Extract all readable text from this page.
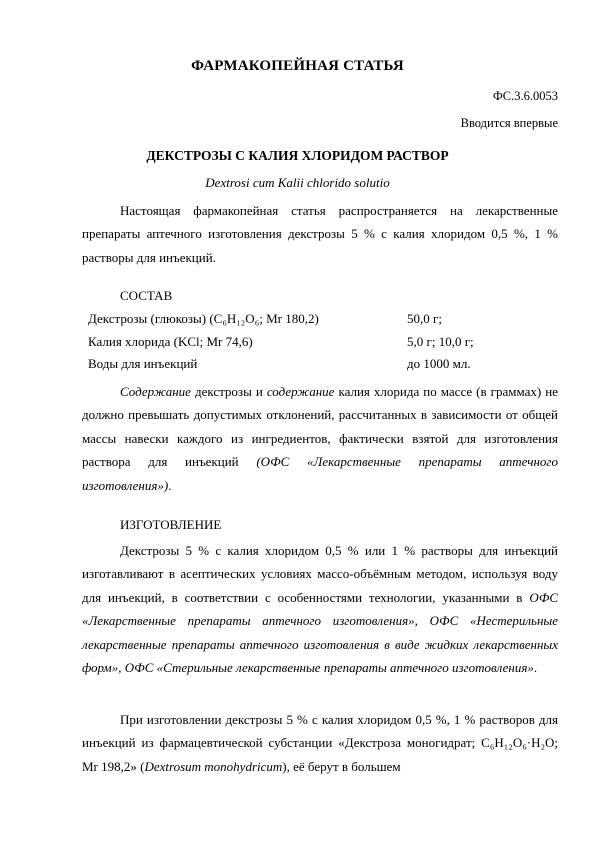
ФАРМАКОПЕЙНАЯ СТАТЬЯ
ФС.3.6.0053
Вводится впервые
ДЕКСТРОЗЫ С КАЛИЯ ХЛОРИДОМ РАСТВОР
Dextrosi cum Kalii chlorido solutio
Настоящая фармакопейная статья распространяется на лекарственные препараты аптечного изготовления декстрозы 5 % с калия хлоридом 0,5 %, 1 % растворы для инъекций.
СОСТАВ
Декстрозы (глюкозы) (C₆H₁₂O₆; Mr 180,2)	50,0 г;
Калия хлорида (KCl; Mr 74,6)	5,0 г; 10,0 г;
Воды для инъекций	до 1000 мл.
Содержание декстрозы и содержание калия хлорида по массе (в граммах) не должно превышать допустимых отклонений, рассчитанных в зависимости от общей массы навески каждого из ингредиентов, фактически взятой для изготовления раствора для инъекций (ОФС «Лекарственные препараты аптечного изготовления»).
ИЗГОТОВЛЕНИЕ
Декстрозы 5 % с калия хлоридом 0,5 % или 1 % растворы для инъекций изготавливают в асептических условиях массо-объёмным методом, используя воду для инъекций, в соответствии с особенностями технологии, указанными в ОФС «Лекарственные препараты аптечного изготовления», ОФС «Нестерильные лекарственные препараты аптечного изготовления в виде жидких лекарственных форм», ОФС «Стерильные лекарственные препараты аптечного изготовления».
При изготовлении декстрозы 5 % с калия хлоридом 0,5 %, 1 % растворов для инъекций из фармацевтической субстанции «Декстроза моногидрат; C₆H₁₂O₆·H₂O; Mr 198,2» (Dextrosum monohydricum), её берут в большем
